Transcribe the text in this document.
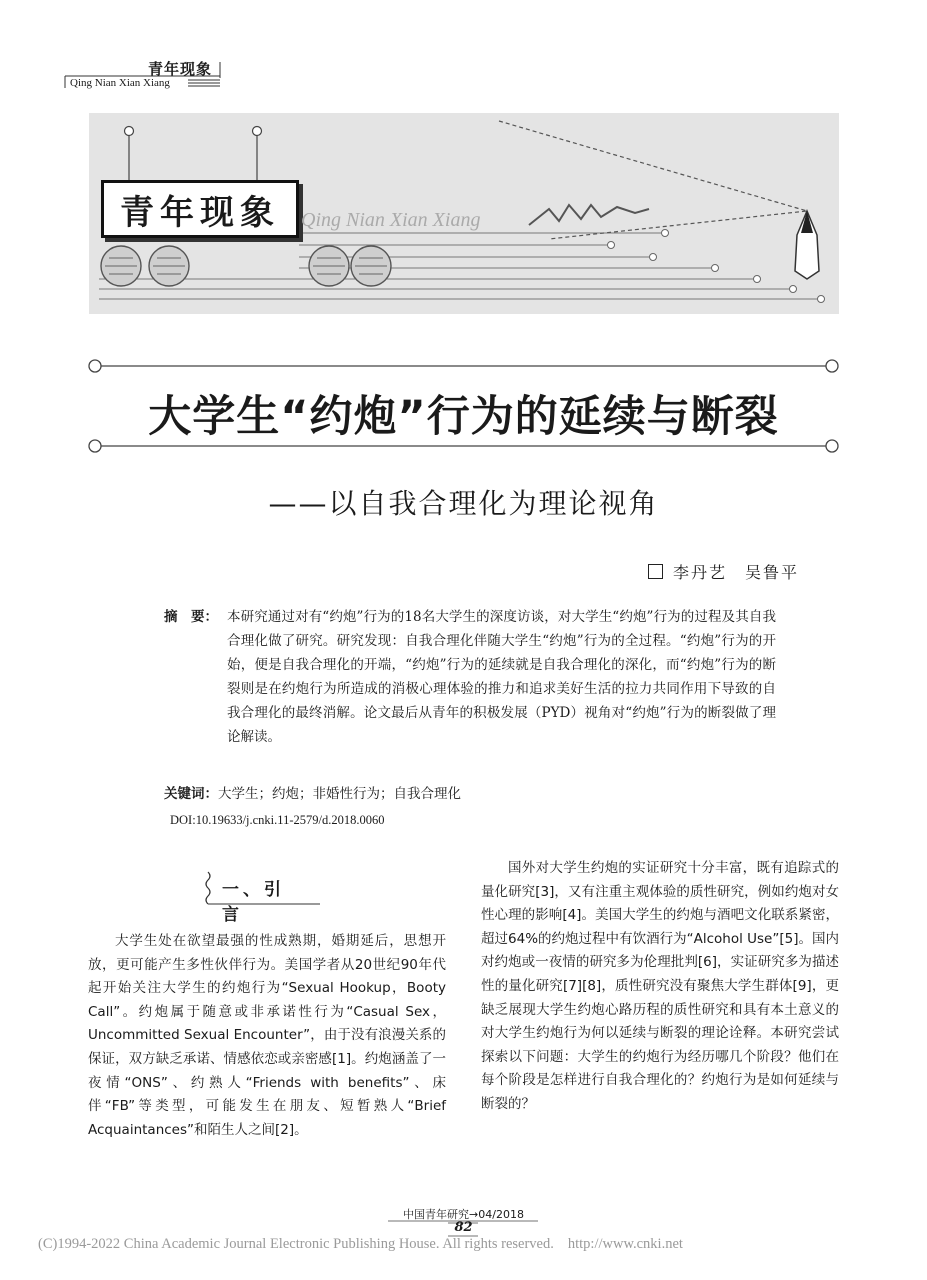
青年现象
Qing Nian Xian Xiang
青年现象 Qing Nian Xian Xiang
大学生“约炮”行为的延续与断裂
——以自我合理化为理论视角
李丹艺　吴鲁平
摘　要： 本研究通过对有“约炮”行为的18名大学生的深度访谈，对大学生“约炮”行为的过程及其自我合理化做了研究。研究发现：自我合理化伴随大学生“约炮”行为的全过程。“约炮”行为的开始，便是自我合理化的开端，“约炮”行为的延续就是自我合理化的深化，而“约炮”行为的断裂则是在约炮行为所造成的消极心理体验的推力和追求美好生活的拉力共同作用下导致的自我合理化的最终消解。论文最后从青年的积极发展（PYD）视角对“约炮”行为的断裂做了理论解读。
关键词：大学生；约炮；非婚性行为；自我合理化
DOI:10.19633/j.cnki.11-2579/d.2018.0060
一、引　言
大学生处在欲望最强的性成熟期，婚期延后，思想开放，更可能产生多性伙伴行为。美国学者从20世纪90年代起开始关注大学生的约炮行为“Sexual Hookup，Booty Call”。约炮属于随意或非承诺性行为“Casual Sex，Uncommitted Sexual Encounter”，由于没有浪漫关系的保证，双方缺乏承诺、情感依恋或亲密感[1]。约炮涵盖了一夜情“ONS”、约熟人“Friends with benefits”、床伴“FB”等类型，可能发生在朋友、短暂熟人“Brief Acquaintances”和陌生人之间[2]。
国外对大学生约炮的实证研究十分丰富，既有追踪式的量化研究[3]，又有注重主观体验的质性研究，例如约炮对女性心理的影响[4]。美国大学生的约炮与酒吧文化联系紧密，超过64%的约炮过程中有饮酒行为“Alcohol Use”[5]。国内对约炮或一夜情的研究多为伦理批判[6]，实证研究多为描述性的量化研究[7][8]，质性研究没有聚焦大学生群体[9]，更缺乏展现大学生约炮心路历程的质性研究和具有本土意义的对大学生约炮行为何以延续与断裂的理论诠释。本研究尝试探索以下问题：大学生的约炮行为经历哪几个阶段？他们在每个阶段是怎样进行自我合理化的？约炮行为是如何延续与断裂的？
中国青年研究→04/2018
82
(C)1994-2022 China Academic Journal Electronic Publishing House. All rights reserved. http://www.cnki.net
